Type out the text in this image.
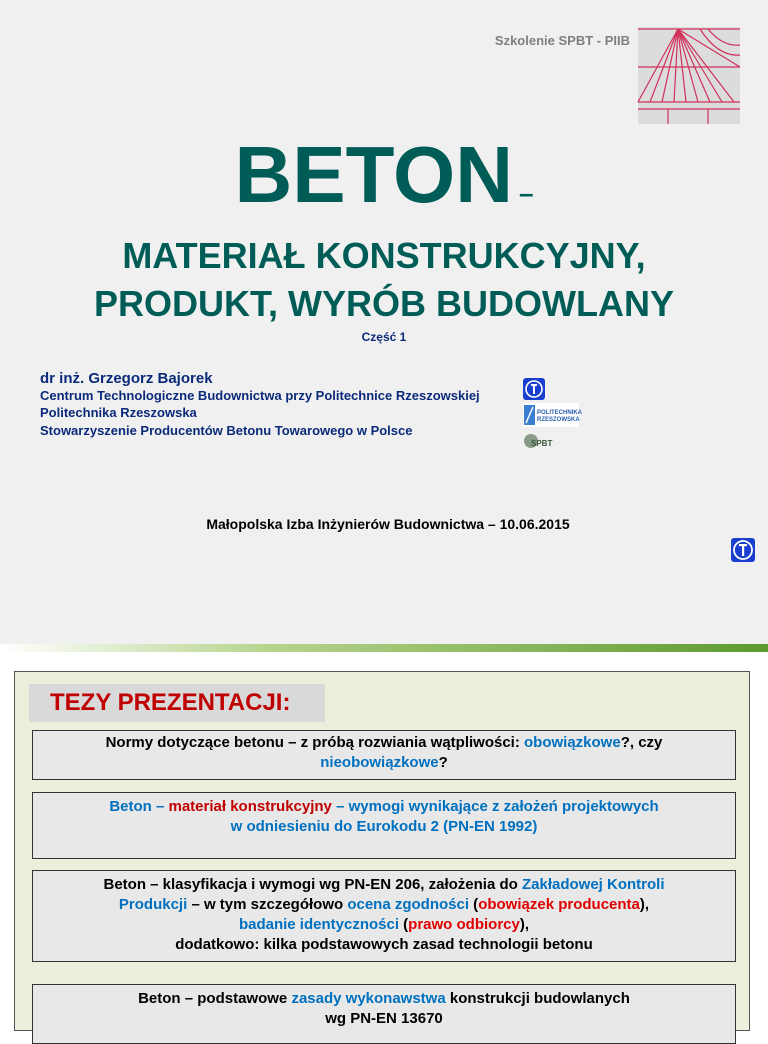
Szkolenie SPBT - PIIB
BETON –
MATERIAŁ KONSTRUKCYJNY,
PRODUKT, WYRÓB BUDOWLANY
Część 1
dr inż. Grzegorz Bajorek
Centrum Technologiczne Budownictwa przy Politechnice Rzeszowskiej
Politechnika Rzeszowska
Stowarzyszenie Producentów Betonu Towarowego w Polsce
POLITECHNIKA
RZESZOWSKA
SPBT
Małopolska Izba Inżynierów Budownictwa – 10.06.2015
TEZY PREZENTACJI:
Normy dotyczące betonu – z próbą rozwiania wątpliwości: obowiązkowe?, czy
nieobowiązkowe?
Beton – materiał konstrukcyjny – wymogi wynikające z założeń projektowych
w odniesieniu do Eurokodu 2 (PN-EN 1992)
Beton – klasyfikacja i wymogi wg PN-EN 206, założenia do Zakładowej Kontroli
Produkcji – w tym szczegółowo ocena zgodności (obowiązek producenta),
badanie identyczności (prawo odbiorcy),
dodatkowo: kilka podstawowych zasad technologii betonu
Beton – podstawowe zasady wykonawstwa konstrukcji budowlanych
wg PN-EN 13670
